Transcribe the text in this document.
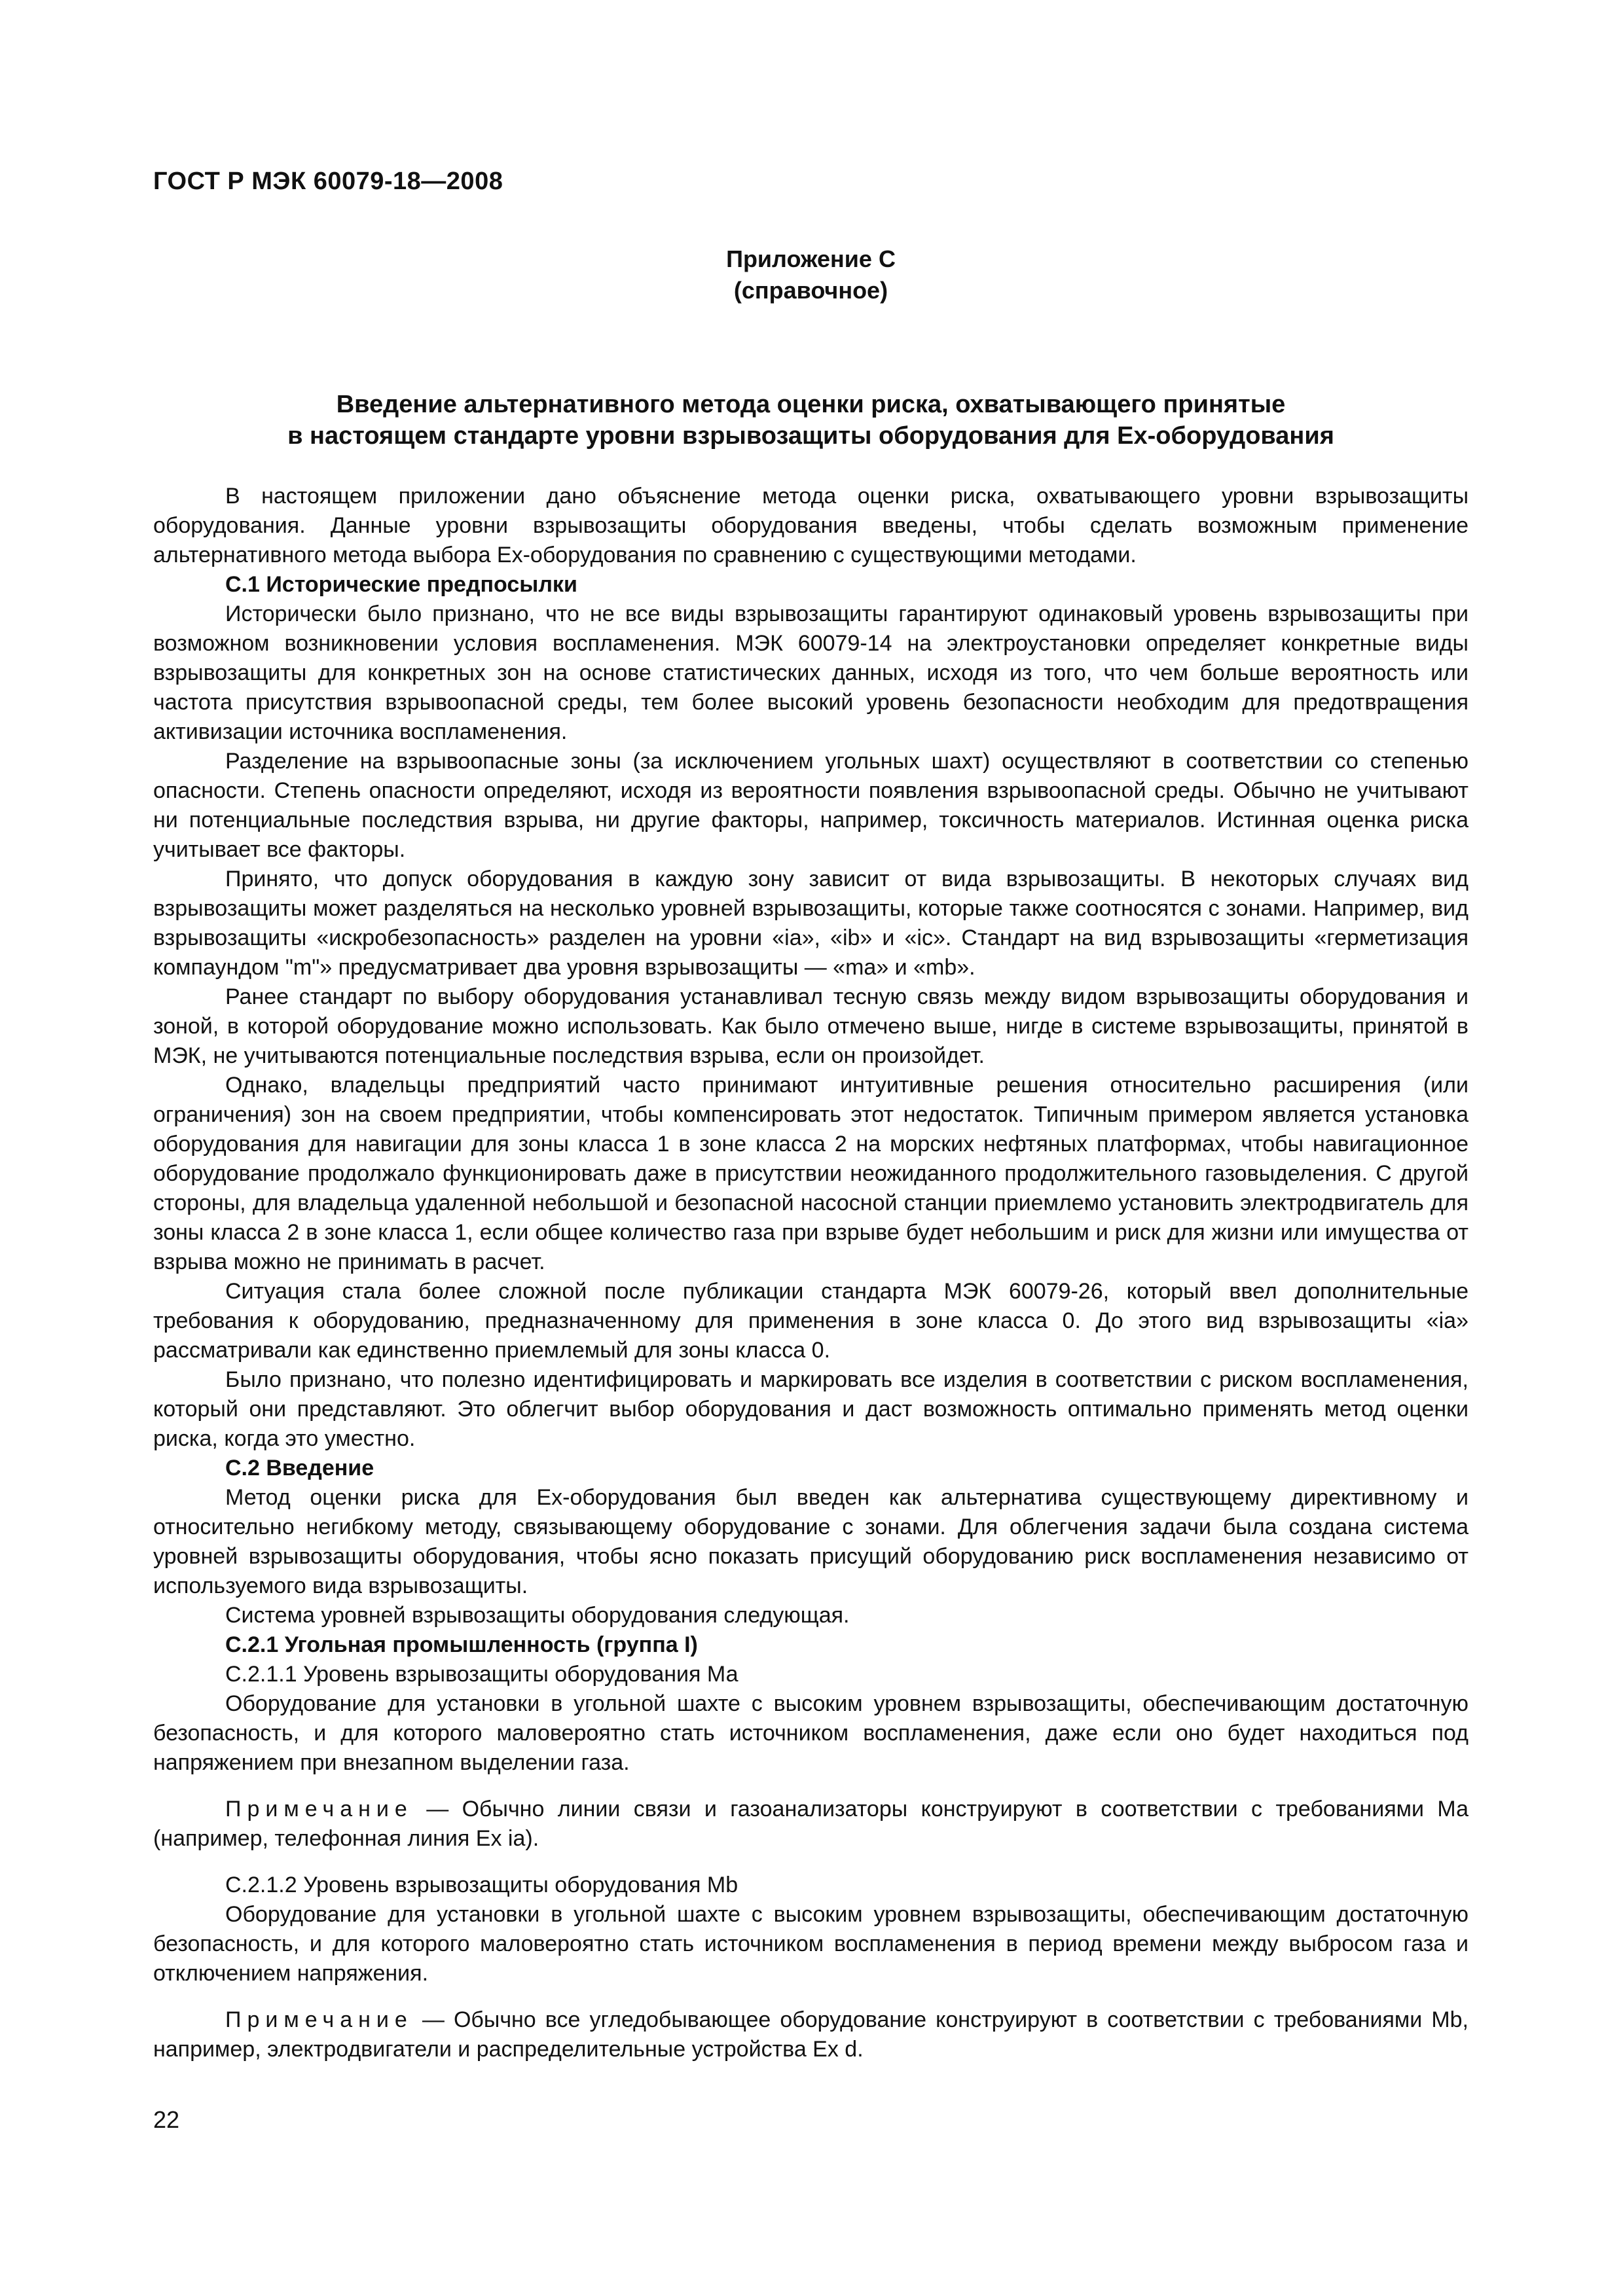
ГОСТ Р МЭК 60079-18—2008
Приложение С
(справочное)
Введение альтернативного метода оценки риска, охватывающего принятые
в настоящем стандарте уровни взрывозащиты оборудования для Ex-оборудования

В настоящем приложении дано объяснение метода оценки риска, охватывающего уровни взрывозащиты оборудования. Данные уровни взрывозащиты оборудования введены, чтобы сделать возможным применение альтернативного метода выбора Ex-оборудования по сравнению с существующими методами.

С.1 Исторические предпосылки

Исторически было признано, что не все виды взрывозащиты гарантируют одинаковый уровень взрывозащиты при возможном возникновении условия воспламенения. МЭК 60079-14 на электроустановки определяет конкретные виды взрывозащиты для конкретных зон на основе статистических данных, исходя из того, что чем больше вероятность или частота присутствия взрывоопасной среды, тем более высокий уровень безопасности необходим для предотвращения активизации источника воспламенения.

Разделение на взрывоопасные зоны (за исключением угольных шахт) осуществляют в соответствии со степенью опасности. Степень опасности определяют, исходя из вероятности появления взрывоопасной среды. Обычно не учитывают ни потенциальные последствия взрыва, ни другие факторы, например, токсичность материалов. Истинная оценка риска учитывает все факторы.

Принято, что допуск оборудования в каждую зону зависит от вида взрывозащиты. В некоторых случаях вид взрывозащиты может разделяться на несколько уровней взрывозащиты, которые также соотносятся с зонами. Например, вид взрывозащиты «искробезопасность» разделен на уровни «ia», «ib» и «ic». Стандарт на вид взрывозащиты «герметизация компаундом "m"» предусматривает два уровня взрывозащиты — «ma» и «mb».

Ранее стандарт по выбору оборудования устанавливал тесную связь между видом взрывозащиты оборудования и зоной, в которой оборудование можно использовать. Как было отмечено выше, нигде в системе взрывозащиты, принятой в МЭК, не учитываются потенциальные последствия взрыва, если он произойдет.

Однако, владельцы предприятий часто принимают интуитивные решения относительно расширения (или ограничения) зон на своем предприятии, чтобы компенсировать этот недостаток. Типичным примером является установка оборудования для навигации для зоны класса 1 в зоне класса 2 на морских нефтяных платформах, чтобы навигационное оборудование продолжало функционировать даже в присутствии неожиданного продолжительного газовыделения. С другой стороны, для владельца удаленной небольшой и безопасной насосной станции приемлемо установить электродвигатель для зоны класса 2 в зоне класса 1, если общее количество газа при взрыве будет небольшим и риск для жизни или имущества от взрыва можно не принимать в расчет.

Ситуация стала более сложной после публикации стандарта МЭК 60079-26, который ввел дополнительные требования к оборудованию, предназначенному для применения в зоне класса 0. До этого вид взрывозащиты «ia» рассматривали как единственно приемлемый для зоны класса 0.

Было признано, что полезно идентифицировать и маркировать все изделия в соответствии с риском воспламенения, который они представляют. Это облегчит выбор оборудования и даст возможность оптимально применять метод оценки риска, когда это уместно.

С.2 Введение

Метод оценки риска для Ex-оборудования был введен как альтернатива существующему директивному и относительно негибкому методу, связывающему оборудование с зонами. Для облегчения задачи была создана система уровней взрывозащиты оборудования, чтобы ясно показать присущий оборудованию риск воспламенения независимо от используемого вида взрывозащиты.

Система уровней взрывозащиты оборудования следующая.

С.2.1 Угольная промышленность (группа I)

С.2.1.1 Уровень взрывозащиты оборудования Ма

Оборудование для установки в угольной шахте с высоким уровнем взрывозащиты, обеспечивающим достаточную безопасность, и для которого маловероятно стать источником воспламенения, даже если оно будет находиться под напряжением при внезапном выделении газа.

Примечание — Обычно линии связи и газоанализаторы конструируют в соответствии с требованиями Ма (например, телефонная линия Ex ia).

С.2.1.2 Уровень взрывозащиты оборудования Mb

Оборудование для установки в угольной шахте с высоким уровнем взрывозащиты, обеспечивающим достаточную безопасность, и для которого маловероятно стать источником воспламенения в период времени между выбросом газа и отключением напряжения.

Примечание — Обычно все угледобывающее оборудование конструируют в соответствии с требованиями Mb, например, электродвигатели и распределительные устройства Ex d.

22
